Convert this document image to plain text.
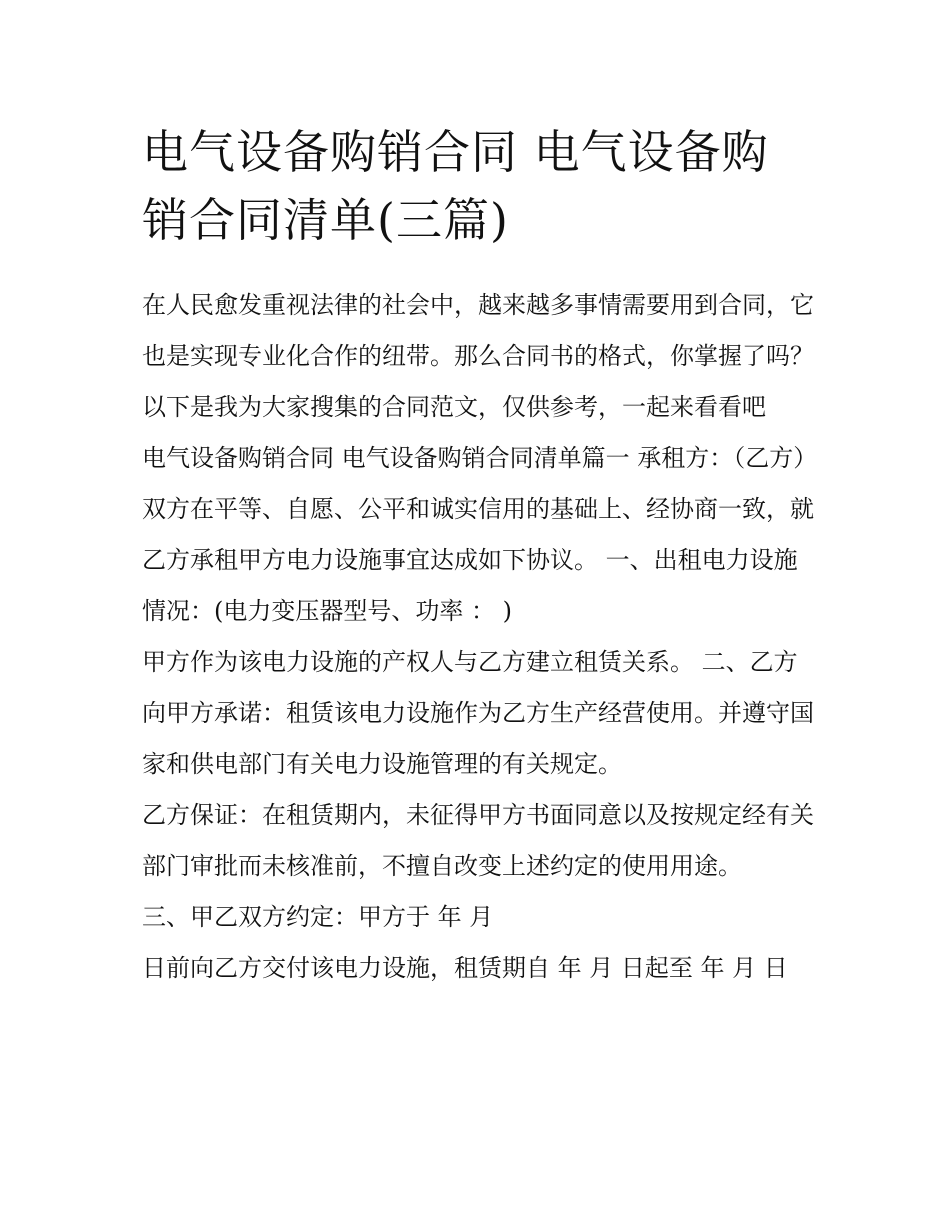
电气设备购销合同 电气设备购销合同清单(三篇)

在人民愈发重视法律的社会中，越来越多事情需要用到合同，它也是实现专业化合作的纽带。那么合同书的格式，你掌握了吗？以下是我为大家搜集的合同范文，仅供参考，一起来看看吧

电气设备购销合同 电气设备购销合同清单篇一 承租方：（乙方）

双方在平等、自愿、公平和诚实信用的基础上、经协商一致，就乙方承租甲方电力设施事宜达成如下协议。 一、出租电力设施情况：(电力变压器型号、功率 ： )

甲方作为该电力设施的产权人与乙方建立租赁关系。 二、乙方向甲方承诺：租赁该电力设施作为乙方生产经营使用。并遵守国家和供电部门有关电力设施管理的有关规定。

乙方保证：在租赁期内，未征得甲方书面同意以及按规定经有关部门审批而未核准前，不擅自改变上述约定的使用用途。

三、甲乙双方约定：甲方于 年 月

日前向乙方交付该电力设施，租赁期自 年 月 日起至 年 月 日
